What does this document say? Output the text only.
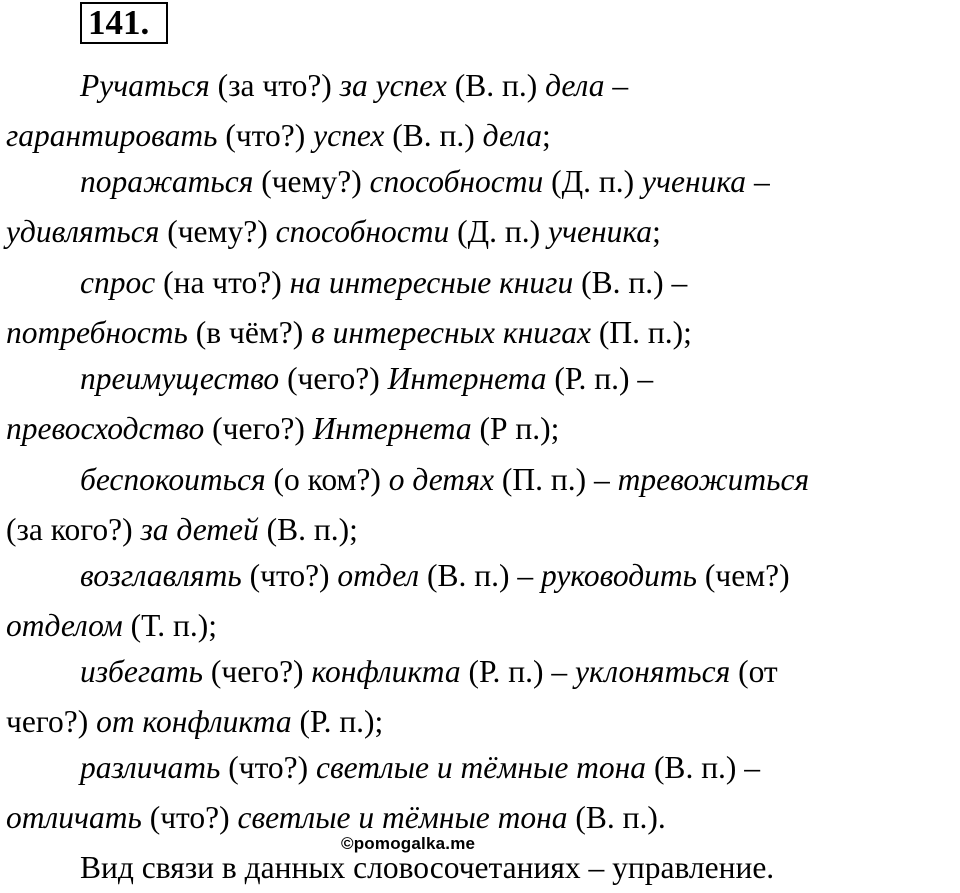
141.
Ручаться (за что?) за успех (В. п.) дела –
гарантировать (что?) успех (В. п.) дела;
поражаться (чему?) способности (Д. п.) ученика –
удивляться (чему?) способности (Д. п.) ученика;
спрос (на что?) на интересные книги (В. п.) –
потребность (в чём?) в интересных книгах (П. п.);
преимущество (чего?) Интернета (Р. п.) –
превосходство (чего?) Интернета (Р п.);
беспокоиться (о ком?) о детях (П. п.) – тревожиться
(за кого?) за детей (В. п.);
возглавлять (что?) отдел (В. п.) – руководить (чем?)
отделом (Т. п.);
избегать (чего?) конфликта (Р. п.) – уклоняться (от
чего?) от конфликта (Р. п.);
различать (что?) светлые и тёмные тона (В. п.) –
отличать (что?) светлые и тёмные тона (В. п.).
©pomogalka.me
Вид связи в данных словосочетаниях – управление.
